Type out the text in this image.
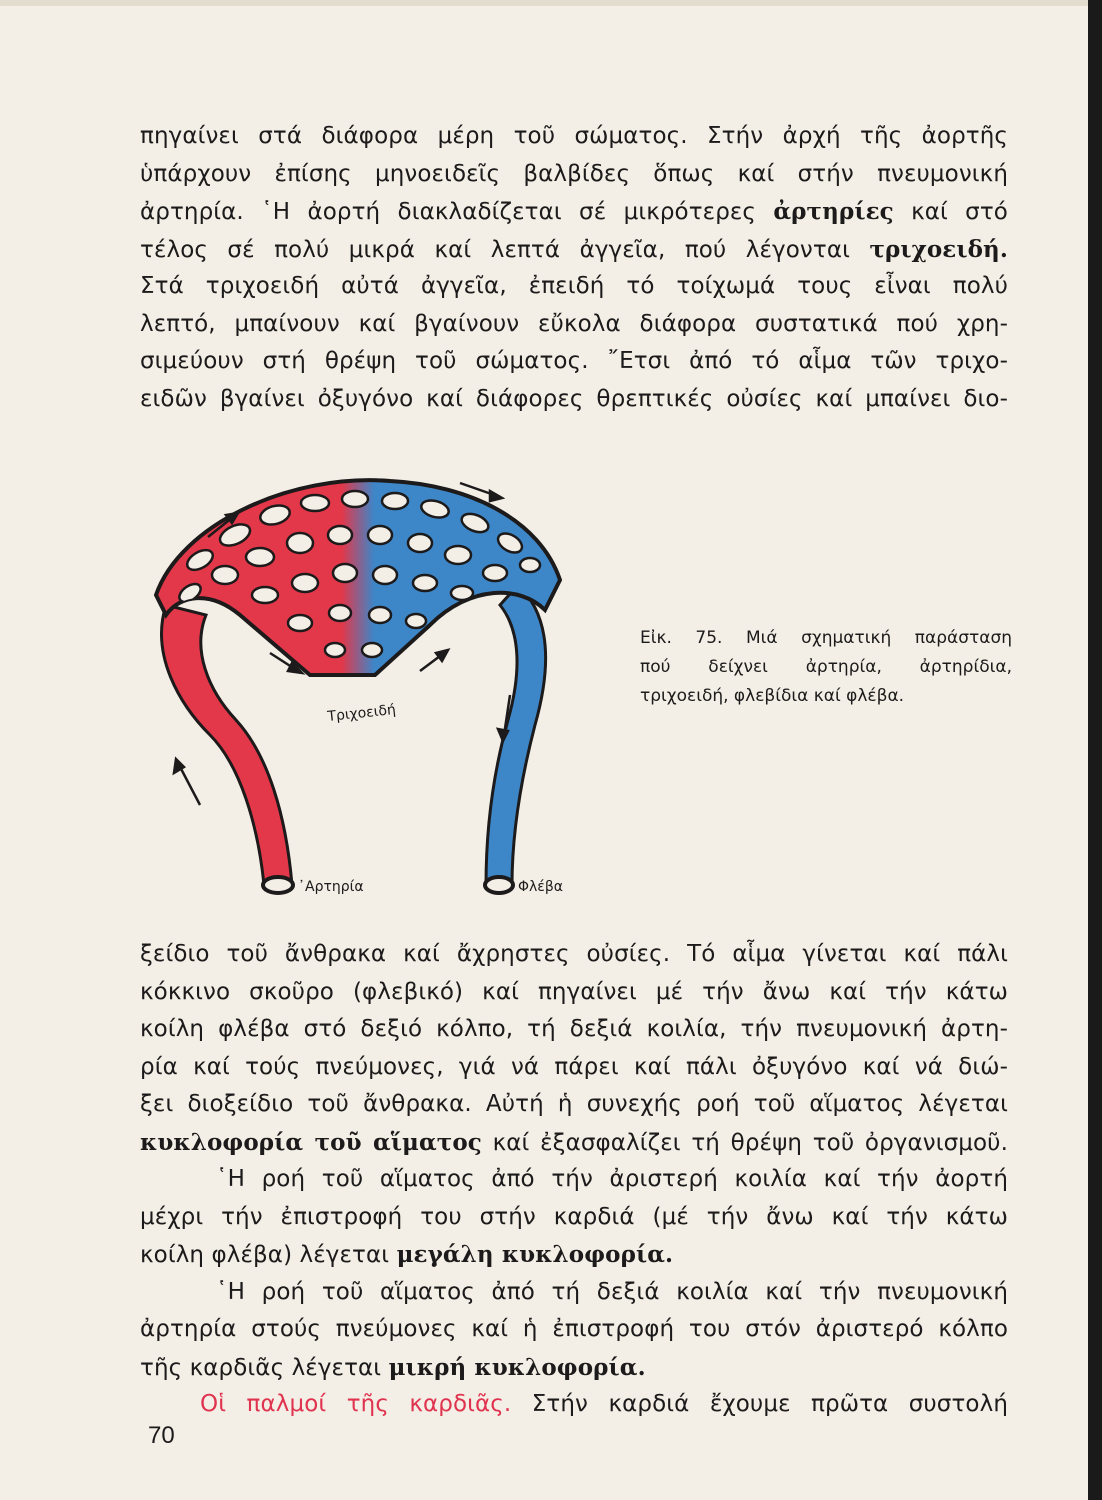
πηγαίνει στά διάφορα μέρη τοῦ σώματος. Στήν ἀρχή τῆς ἀορτῆς
ὑπάρχουν ἐπίσης μηνοειδεῖς βαλβίδες ὅπως καί στήν πνευμονική
ἀρτηρία. ῾Η ἀορτή διακλαδίζεται σέ μικρότερες ἀρτηρίες καί στό
τέλος σέ πολύ μικρά καί λεπτά ἀγγεῖα, πού λέγονται τριχοειδή.
Στά τριχοειδή αὐτά ἀγγεῖα, ἐπειδή τό τοίχωμά τους εἶναι πολύ
λεπτό, μπαίνουν καί βγαίνουν εὔκολα διάφορα συστατικά πού χρη-
σιμεύουν στή θρέψη τοῦ σώματος. ῎Ετσι ἀπό τό αἷμα τῶν τριχο-
ειδῶν βγαίνει ὀξυγόνο καί διάφορες θρεπτικές οὐσίες καί μπαίνει διο-
Τριχοειδή
᾿Αρτηρία	Φλέβα
Εἰκ. 75. Μιά σχηματική παράσταση
πού δείχνει ἀρτηρία, ἀρτηρίδια,
τριχοειδή, φλεβίδια καί φλέβα.
ξείδιο τοῦ ἄνθρακα καί ἄχρηστες οὐσίες. Τό αἷμα γίνεται καί πάλι
κόκκινο σκοῦρο (φλεβικό) καί πηγαίνει μέ τήν ἄνω καί τήν κάτω
κοίλη φλέβα στό δεξιό κόλπο, τή δεξιά κοιλία, τήν πνευμονική ἀρτη-
ρία καί τούς πνεύμονες, γιά νά πάρει καί πάλι ὀξυγόνο καί νά διώ-
ξει διοξείδιο τοῦ ἄνθρακα. Αὐτή ἡ συνεχής ροή τοῦ αἵματος λέγεται
κυκλοφορία τοῦ αἵματος καί ἐξασφαλίζει τή θρέψη τοῦ ὀργανισμοῦ.
῾Η ροή τοῦ αἵματος ἀπό τήν ἀριστερή κοιλία καί τήν ἀορτή
μέχρι τήν ἐπιστροφή του στήν καρδιά (μέ τήν ἄνω καί τήν κάτω
κοίλη φλέβα) λέγεται μεγάλη κυκλοφορία.
῾Η ροή τοῦ αἵματος ἀπό τή δεξιά κοιλία καί τήν πνευμονική
ἀρτηρία στούς πνεύμονες καί ἡ ἐπιστροφή του στόν ἀριστερό κόλπο
τῆς καρδιᾶς λέγεται μικρή κυκλοφορία.
Οἱ παλμοί τῆς καρδιᾶς. Στήν καρδιά ἔχουμε πρῶτα συστολή
70
